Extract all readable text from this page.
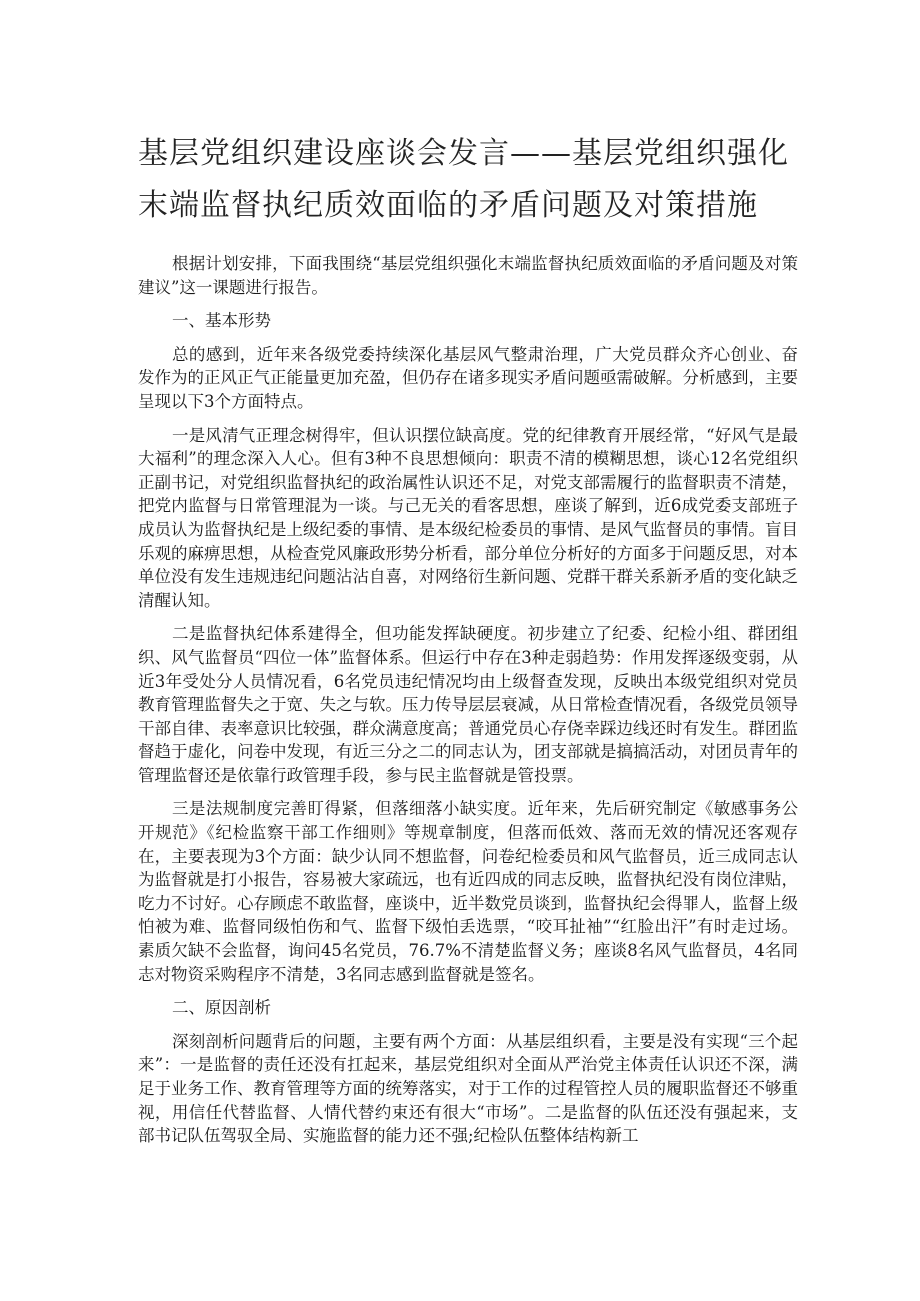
基层党组织建设座谈会发言——基层党组织强化末端监督执纪质效面临的矛盾问题及对策措施

根据计划安排，下面我围绕“基层党组织强化末端监督执纪质效面临的矛盾问题及对策建议”这一课题进行报告。

一、基本形势

总的感到，近年来各级党委持续深化基层风气整肃治理，广大党员群众齐心创业、奋发作为的正风正气正能量更加充盈，但仍存在诸多现实矛盾问题亟需破解。分析感到，主要呈现以下3个方面特点。

一是风清气正理念树得牢，但认识摆位缺高度。党的纪律教育开展经常，“好风气是最大福利”的理念深入人心。但有3种不良思想倾向：职责不清的模糊思想，谈心12名党组织正副书记，对党组织监督执纪的政治属性认识还不足，对党支部需履行的监督职责不清楚，把党内监督与日常管理混为一谈。与己无关的看客思想，座谈了解到，近6成党委支部班子成员认为监督执纪是上级纪委的事情、是本级纪检委员的事情、是风气监督员的事情。盲目乐观的麻痹思想，从检查党风廉政形势分析看，部分单位分析好的方面多于问题反思，对本单位没有发生违规违纪问题沾沾自喜，对网络衍生新问题、党群干群关系新矛盾的变化缺乏清醒认知。

二是监督执纪体系建得全，但功能发挥缺硬度。初步建立了纪委、纪检小组、群团组织、风气监督员“四位一体”监督体系。但运行中存在3种走弱趋势：作用发挥逐级变弱，从近3年受处分人员情况看，6名党员违纪情况均由上级督查发现，反映出本级党组织对党员教育管理监督失之于宽、失之与软。压力传导层层衰减，从日常检查情况看，各级党员领导干部自律、表率意识比较强，群众满意度高；普通党员心存侥幸踩边线还时有发生。群团监督趋于虚化，问卷中发现，有近三分之二的同志认为，团支部就是搞搞活动，对团员青年的管理监督还是依靠行政管理手段，参与民主监督就是管投票。

三是法规制度完善盯得紧，但落细落小缺实度。近年来，先后研究制定《敏感事务公开规范》《纪检监察干部工作细则》等规章制度，但落而低效、落而无效的情况还客观存在，主要表现为3个方面：缺少认同不想监督，问卷纪检委员和风气监督员，近三成同志认为监督就是打小报告，容易被大家疏远，也有近四成的同志反映，监督执纪没有岗位津贴，吃力不讨好。心存顾虑不敢监督，座谈中，近半数党员谈到，监督执纪会得罪人，监督上级怕被为难、监督同级怕伤和气、监督下级怕丢选票，“咬耳扯袖”“红脸出汗”有时走过场。素质欠缺不会监督，询问45名党员，76.7%不清楚监督义务；座谈8名风气监督员，4名同志对物资采购程序不清楚，3名同志感到监督就是签名。

二、原因剖析

深刻剖析问题背后的问题，主要有两个方面：从基层组织看，主要是没有实现“三个起来”：一是监督的责任还没有扛起来，基层党组织对全面从严治党主体责任认识还不深，满足于业务工作、教育管理等方面的统筹落实，对于工作的过程管控人员的履职监督还不够重视，用信任代替监督、人情代替约束还有很大“市场”。二是监督的队伍还没有强起来，支部书记队伍驾驭全局、实施监督的能力还不强;纪检队伍整体结构新工
